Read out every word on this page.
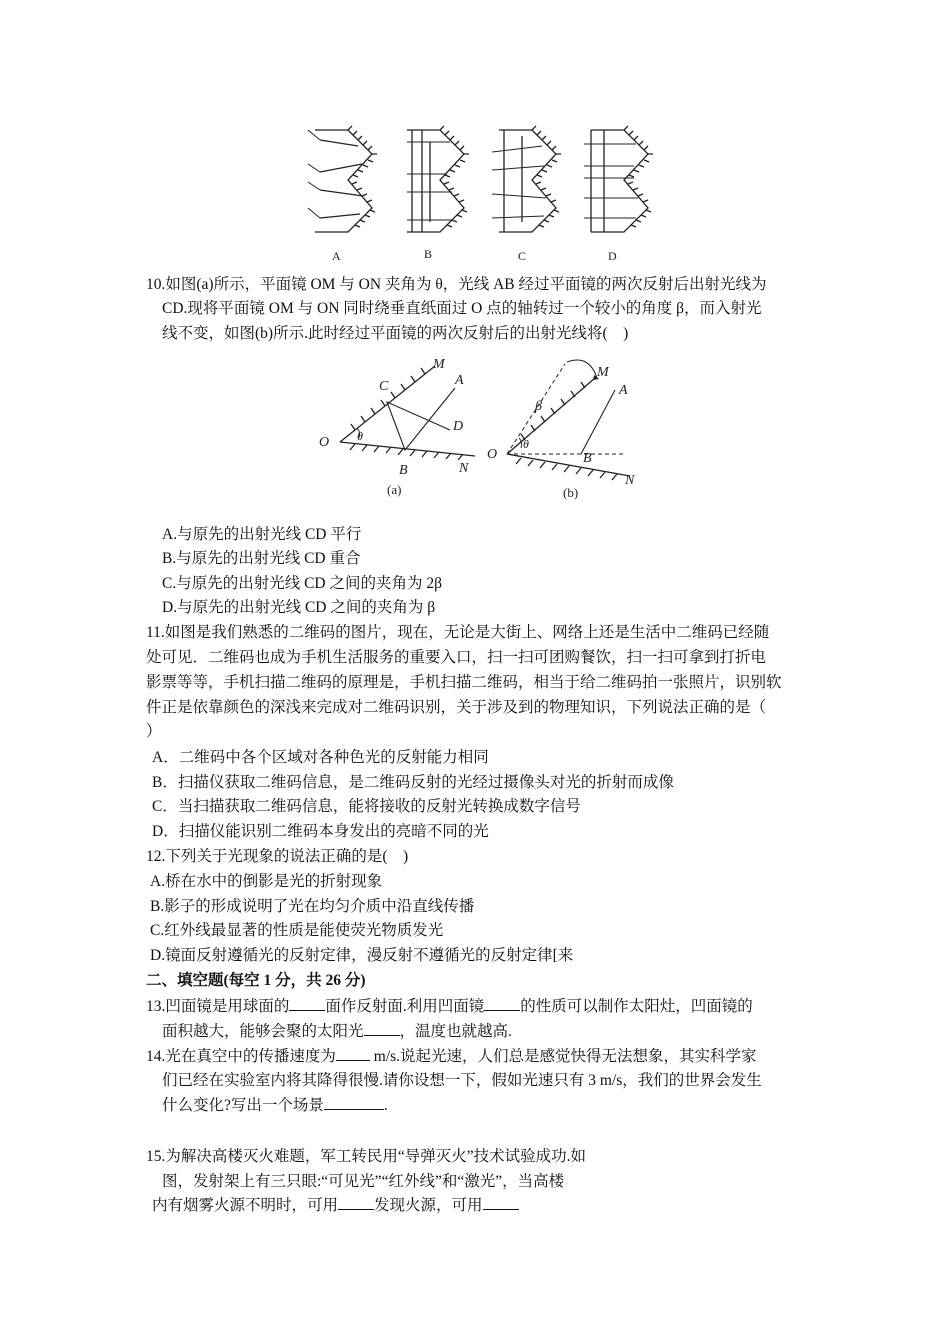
A	B	C	D
10.如图(a)所示，平面镜 OM 与 ON 夹角为 θ，光线 AB 经过平面镜的两次反射后出射光线为
CD.现将平面镜 OM 与 ON 同时绕垂直纸面过 O 点的轴转过一个较小的角度 β，而入射光
线不变，如图(b)所示.此时经过平面镜的两次反射后的出射光线将(　)
O
C
M
A
D
B	N
θ
(a)
O
β
M
A
B
N
θ
(b)
A.与原先的出射光线 CD 平行
B.与原先的出射光线 CD 重合
C.与原先的出射光线 CD 之间的夹角为 2β
D.与原先的出射光线 CD 之间的夹角为 β
11.如图是我们熟悉的二维码的图片，现在，无论是大街上、网络上还是生活中二维码已经随
处可见．二维码也成为手机生活服务的重要入口，扫一扫可团购餐饮，扫一扫可拿到打折电
影票等等，手机扫描二维码的原理是，手机扫描二维码，相当于给二维码拍一张照片，识别软
件正是依靠颜色的深浅来完成对二维码识别，关于涉及到的物理知识，下列说法正确的是（
）
A．二维码中各个区域对各种色光的反射能力相同
B．扫描仪获取二维码信息，是二维码反射的光经过摄像头对光的折射而成像
C．当扫描获取二维码信息，能将接收的反射光转换成数字信号
D．扫描仪能识别二维码本身发出的亮暗不同的光
12.下列关于光现象的说法正确的是(　)
A.桥在水中的倒影是光的折射现象
B.影子的形成说明了光在均匀介质中沿直线传播
C.红外线最显著的性质是能使荧光物质发光
D.镜面反射遵循光的反射定律，漫反射不遵循光的反射定律[来
二、填空题(每空 1 分，共 26 分)
13.凹面镜是用球面的 面作反射面.利用凹面镜 的性质可以制作太阳灶，凹面镜的
面积越大，能够会聚的太阳光 ，温度也就越高.
14.光在真空中的传播速度为 m/s.说起光速，人们总是感觉快得无法想象，其实科学家
们已经在实验室内将其降得很慢.请你设想一下，假如光速只有 3 m/s，我们的世界会发生
什么变化?写出一个场景	.
15.为解决高楼灭火难题，军工转民用“导弹灭火”技术试验成功.如
图，发射架上有三只眼:“可见光”“红外线”和“激光”，当高楼
内有烟雾火源不明时，可用 发现火源，可用
